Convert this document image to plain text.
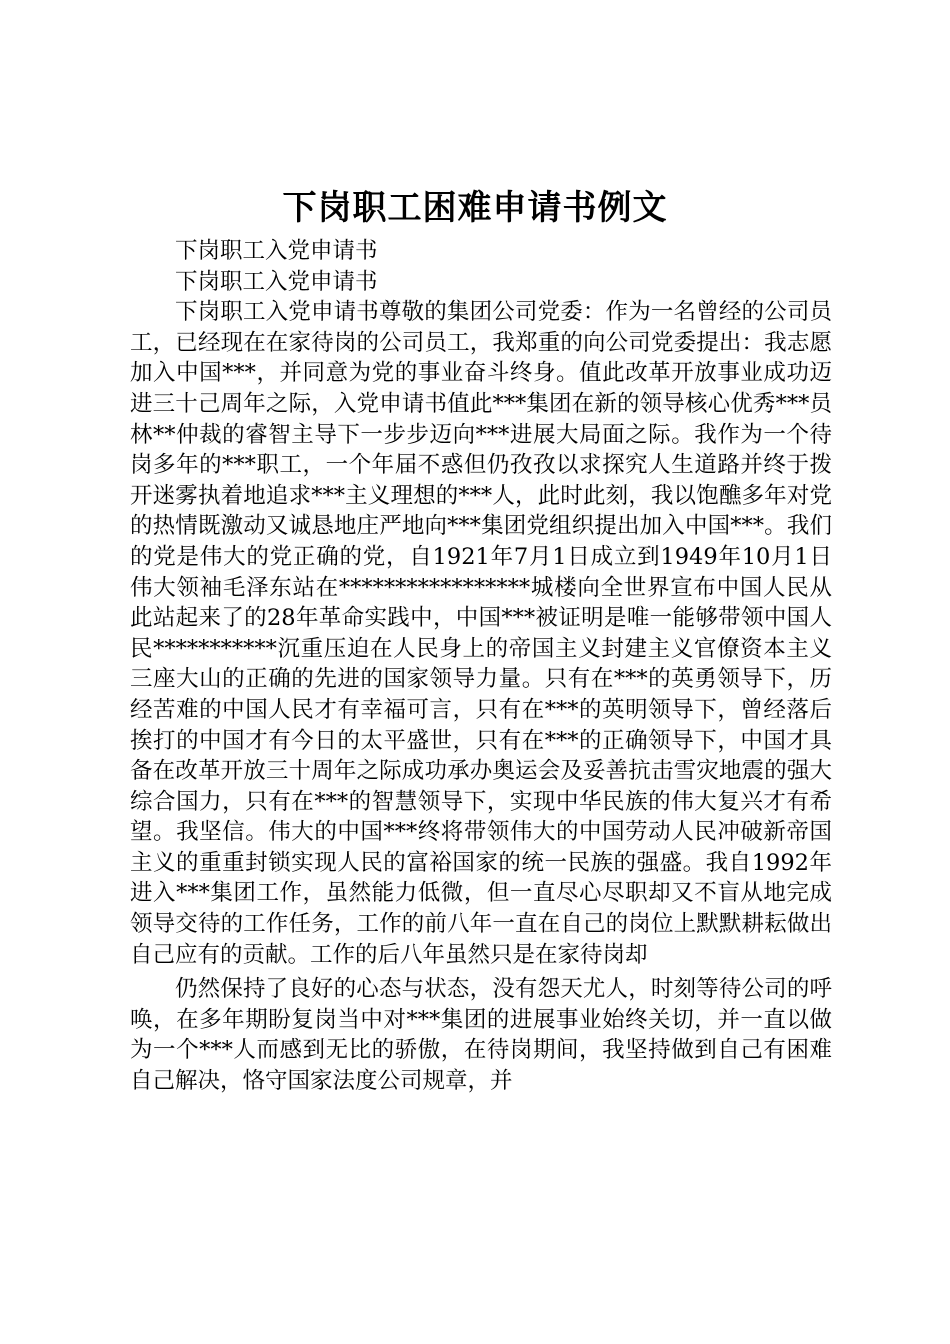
下岗职工困难申请书例文

下岗职工入党申请书

下岗职工入党申请书

下岗职工入党申请书尊敬的集团公司党委：作为一名曾经的公司员工，已经现在在家待岗的公司员工，我郑重的向公司党委提出：我志愿加入中国***，并同意为党的事业奋斗终身。值此改革开放事业成功迈进三十己周年之际，入党申请书值此***集团在新的领导核心优秀***员林**仲裁的睿智主导下一步步迈向***进展大局面之际。我作为一个待岗多年的***职工，一个年届不惑但仍孜孜以求探究人生道路并终于拨开迷雾执着地追求***主义理想的***人，此时此刻，我以饱醮多年对党的热情既激动又诚恳地庄严地向***集团党组织提出加入中国***。我们的党是伟大的党正确的党，自1921年7月1日成立到1949年10月1日伟大领袖毛泽东站在*****************城楼向全世界宣布中国人民从此站起来了的28年革命实践中，中国***被证明是唯一能够带领中国人民***********沉重压迫在人民身上的帝国主义封建主义官僚资本主义三座大山的正确的先进的国家领导力量。只有在***的英勇领导下，历经苦难的中国人民才有幸福可言，只有在***的英明领导下，曾经落后挨打的中国才有今日的太平盛世，只有在***的正确领导下，中国才具备在改革开放三十周年之际成功承办奥运会及妥善抗击雪灾地震的强大综合国力，只有在***的智慧领导下，实现中华民族的伟大复兴才有希望。我坚信。伟大的中国***终将带领伟大的中国劳动人民冲破新帝国主义的重重封锁实现人民的富裕国家的统一民族的强盛。我自1992年进入***集团工作，虽然能力低微，但一直尽心尽职却又不盲从地完成领导交待的工作任务，工作的前八年一直在自己的岗位上默默耕耘做出自己应有的贡献。工作的后八年虽然只是在家待岗却

仍然保持了良好的心态与状态，没有怨天尤人，时刻等待公司的呼唤，在多年期盼复岗当中对***集团的进展事业始终关切，并一直以做为一个***人而感到无比的骄傲，在待岗期间，我坚持做到自己有困难自己解决，恪守国家法度公司规章，并
